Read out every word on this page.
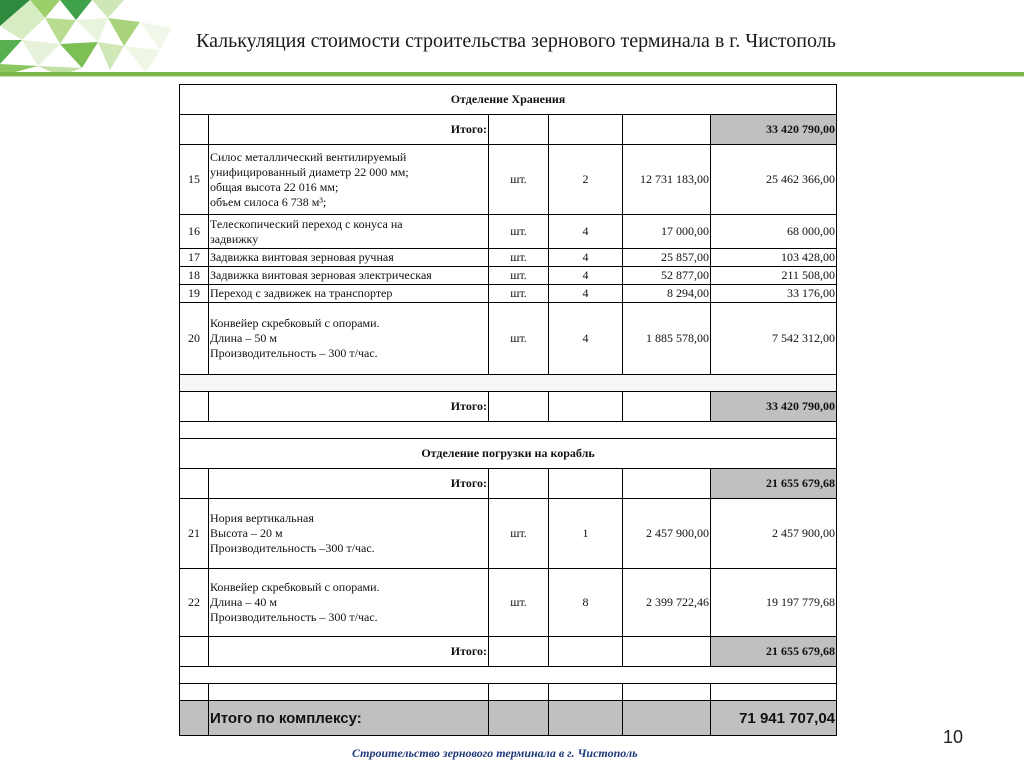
Калькуляция стоимости строительства зернового терминала в г. Чистополь
Отделение Хранения					
	Итого:				33 420 790,00
15	Силос металлический вентилируемый
унифицированный диаметр 22 000 мм;
общая высота 22 016 мм;
объем силоса 6 738 м³;	шт.	2	12 731 183,00	25 462 366,00
16	Телескопический переход с конуса на
задвижку	шт.	4	17 000,00	68 000,00
17	Задвижка винтовая зерновая ручная	шт.	4	25 857,00	103 428,00
18	Задвижка винтовая зерновая электрическая	шт.	4	52 877,00	211 508,00
19	Переход с задвижек на транспортер	шт.	4	8 294,00	33 176,00
20	Конвейер скребковый с опорами.
Длина – 50 м
Производительность – 300 т/час.	шт.	4	1 885 578,00	7 542 312,00

	Итого:				33 420 790,00

Отделение погрузки на корабль					
	Итого:				21 655 679,68
21	Нория вертикальная
Высота – 20 м
Производительность –300 т/час.	шт.	1	2 457 900,00	2 457 900,00
22	Конвейер скребковый с опорами.
Длина – 40 м
Производительность – 300 т/час.	шт.	8	2 399 722,46	19 197 779,68
	Итого:				21 655 679,68

	Итого по комплексу:				71 941 707,04
10
Строительство зернового терминала в г. Чистополь
